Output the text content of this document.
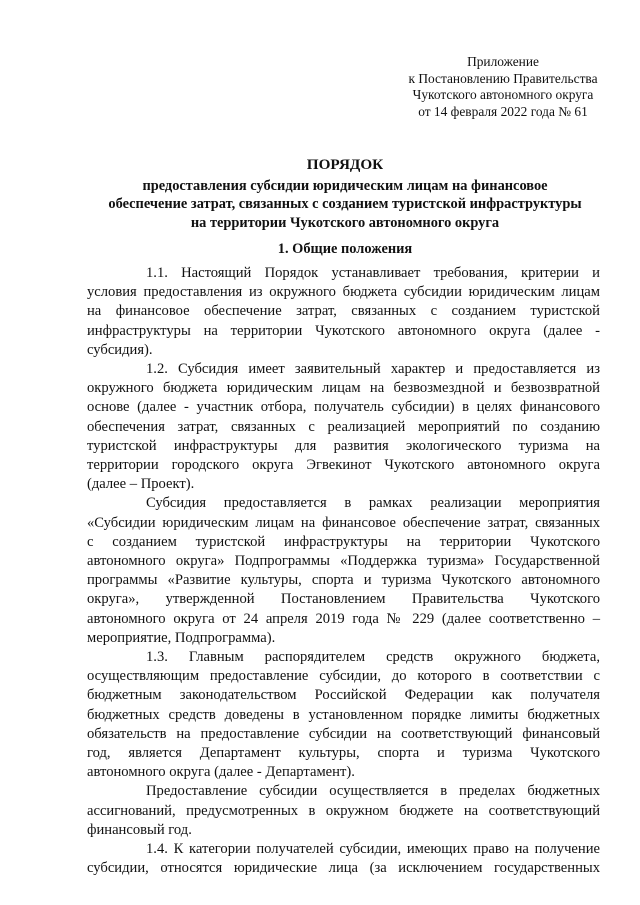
Приложение
к Постановлению Правительства
Чукотского автономного округа
от 14 февраля 2022 года № 61
ПОРЯДОК
предоставления субсидии юридическим лицам на финансовое
обеспечение затрат, связанных с созданием туристской инфраструктуры
на территории Чукотского автономного округа
1. Общие положения
1.1. Настоящий Порядок устанавливает требования, критерии и
условия предоставления из окружного бюджета субсидии юридическим лицам
на финансовое обеспечение затрат, связанных с созданием туристской
инфраструктуры на территории Чукотского автономного округа (далее -
субсидия).
1.2. Субсидия имеет заявительный характер и предоставляется из
окружного бюджета юридическим лицам на безвозмездной и безвозвратной
основе (далее - участник отбора, получатель субсидии) в целях финансового
обеспечения затрат, связанных с реализацией мероприятий по созданию
туристской инфраструктуры для развития экологического туризма на
территории городского округа Эгвекинот Чукотского автономного округа
(далее – Проект).
Субсидия предоставляется в рамках реализации мероприятия
«Субсидии юридическим лицам на финансовое обеспечение затрат, связанных
с созданием туристской инфраструктуры на территории Чукотского
автономного округа» Подпрограммы «Поддержка туризма» Государственной
программы «Развитие культуры, спорта и туризма Чукотского автономного
округа», утвержденной Постановлением Правительства Чукотского
автономного округа от 24 апреля 2019 года № 229 (далее соответственно –
мероприятие, Подпрограмма).
1.3. Главным распорядителем средств окружного бюджета,
осуществляющим предоставление субсидии, до которого в соответствии с
бюджетным законодательством Российской Федерации как получателя
бюджетных средств доведены в установленном порядке лимиты бюджетных
обязательств на предоставление субсидии на соответствующий финансовый
год, является Департамент культуры, спорта и туризма Чукотского
автономного округа (далее - Департамент).
Предоставление субсидии осуществляется в пределах бюджетных
ассигнований, предусмотренных в окружном бюджете на соответствующий
финансовый год.
1.4. К категории получателей субсидии, имеющих право на получение
субсидии, относятся юридические лица (за исключением государственных
